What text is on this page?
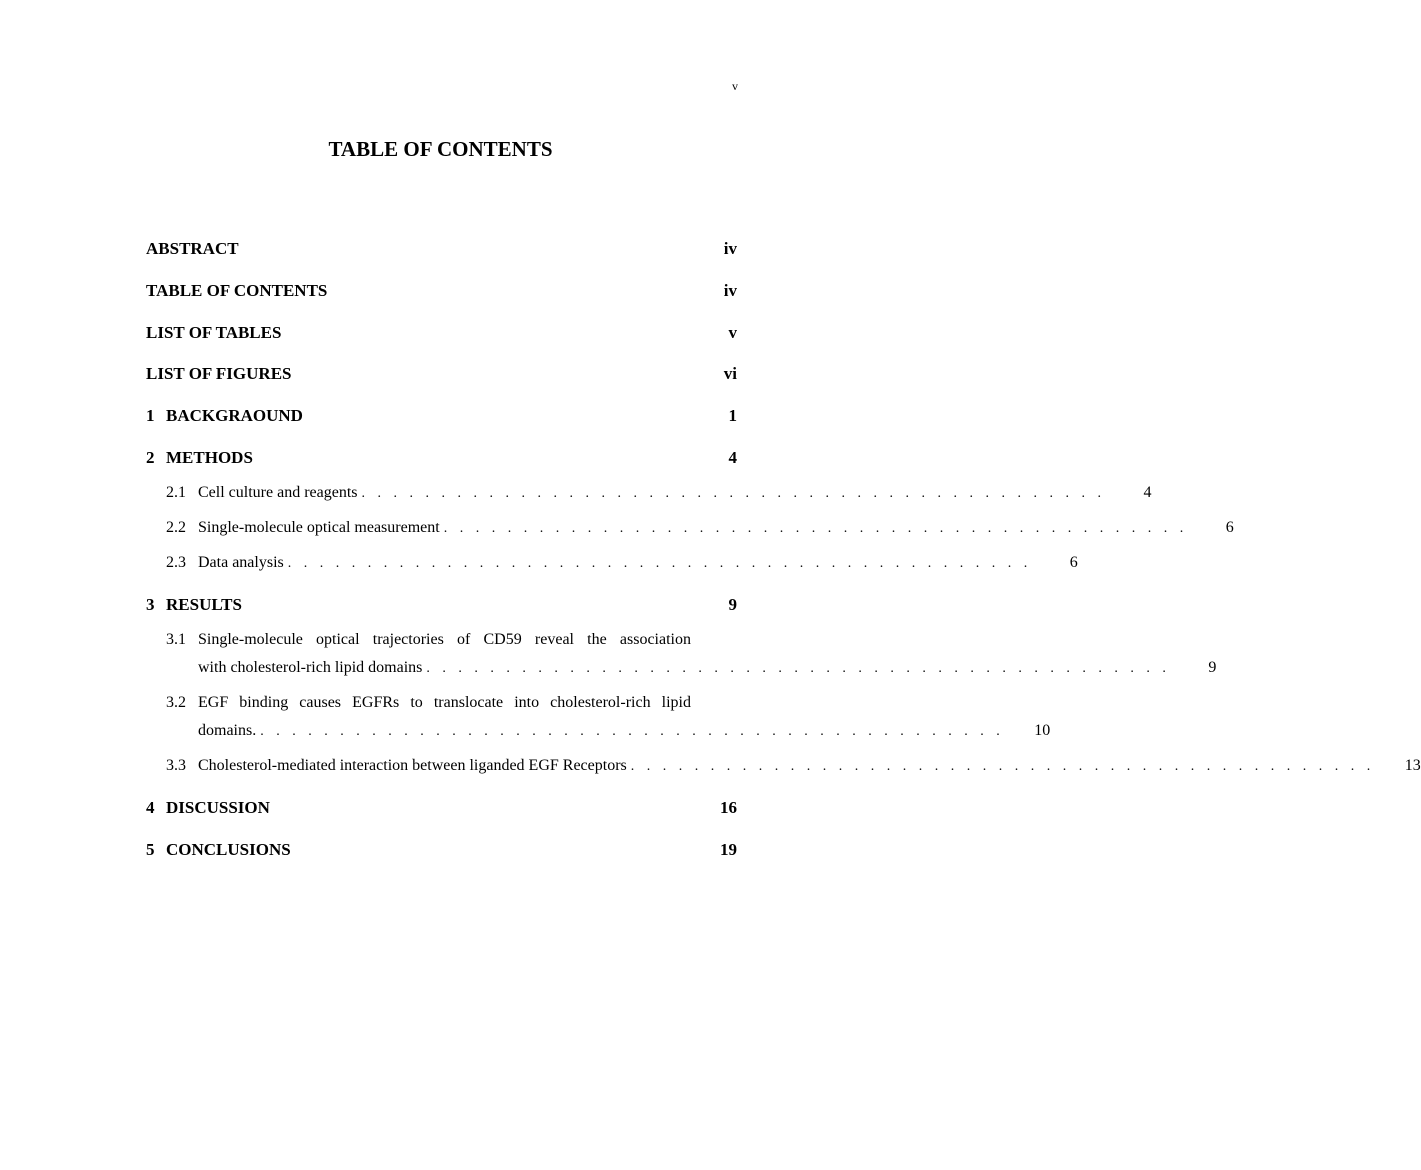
v
TABLE OF CONTENTS
ABSTRACT	iv
TABLE OF CONTENTS	iv
LIST OF TABLES	v
LIST OF FIGURES	vi
1 BACKGRAOUND	1
2 METHODS	4
2.1 Cell culture and reagents . . . . . . . . . . . . . . . . . . . . . . . . . . . . . . . . . . . . . . . . . . . . . . .	4
2.2 Single-molecule optical measurement . . . . . . . . . . . . . . . . . . . . . . . . . . . . . . . . . . . . . . . . . . . . . . .	6
2.3 Data analysis . . . . . . . . . . . . . . . . . . . . . . . . . . . . . . . . . . . . . . . . . . . . . . .	6
3 RESULTS	9
3.1 Single-molecule optical trajectories of CD59 reveal the association
with cholesterol-rich lipid domains . . . . . . . . . . . . . . . . . . . . . . . . . . . . . . . . . . . . . . . . . . . . . . .	9
3.2 EGF binding causes EGFRs to translocate into cholesterol-rich lipid
domains. . . . . . . . . . . . . . . . . . . . . . . . . . . . . . . . . . . . . . . . . . . . . . . .	10
3.3 Cholesterol-mediated interaction between liganded EGF Receptors . . . . . . . . . . . . . . . . . . . . . . . . . . . . . . . . . . . . . . . . . . . . . . .	13
4 DISCUSSION	16
5 CONCLUSIONS	19
